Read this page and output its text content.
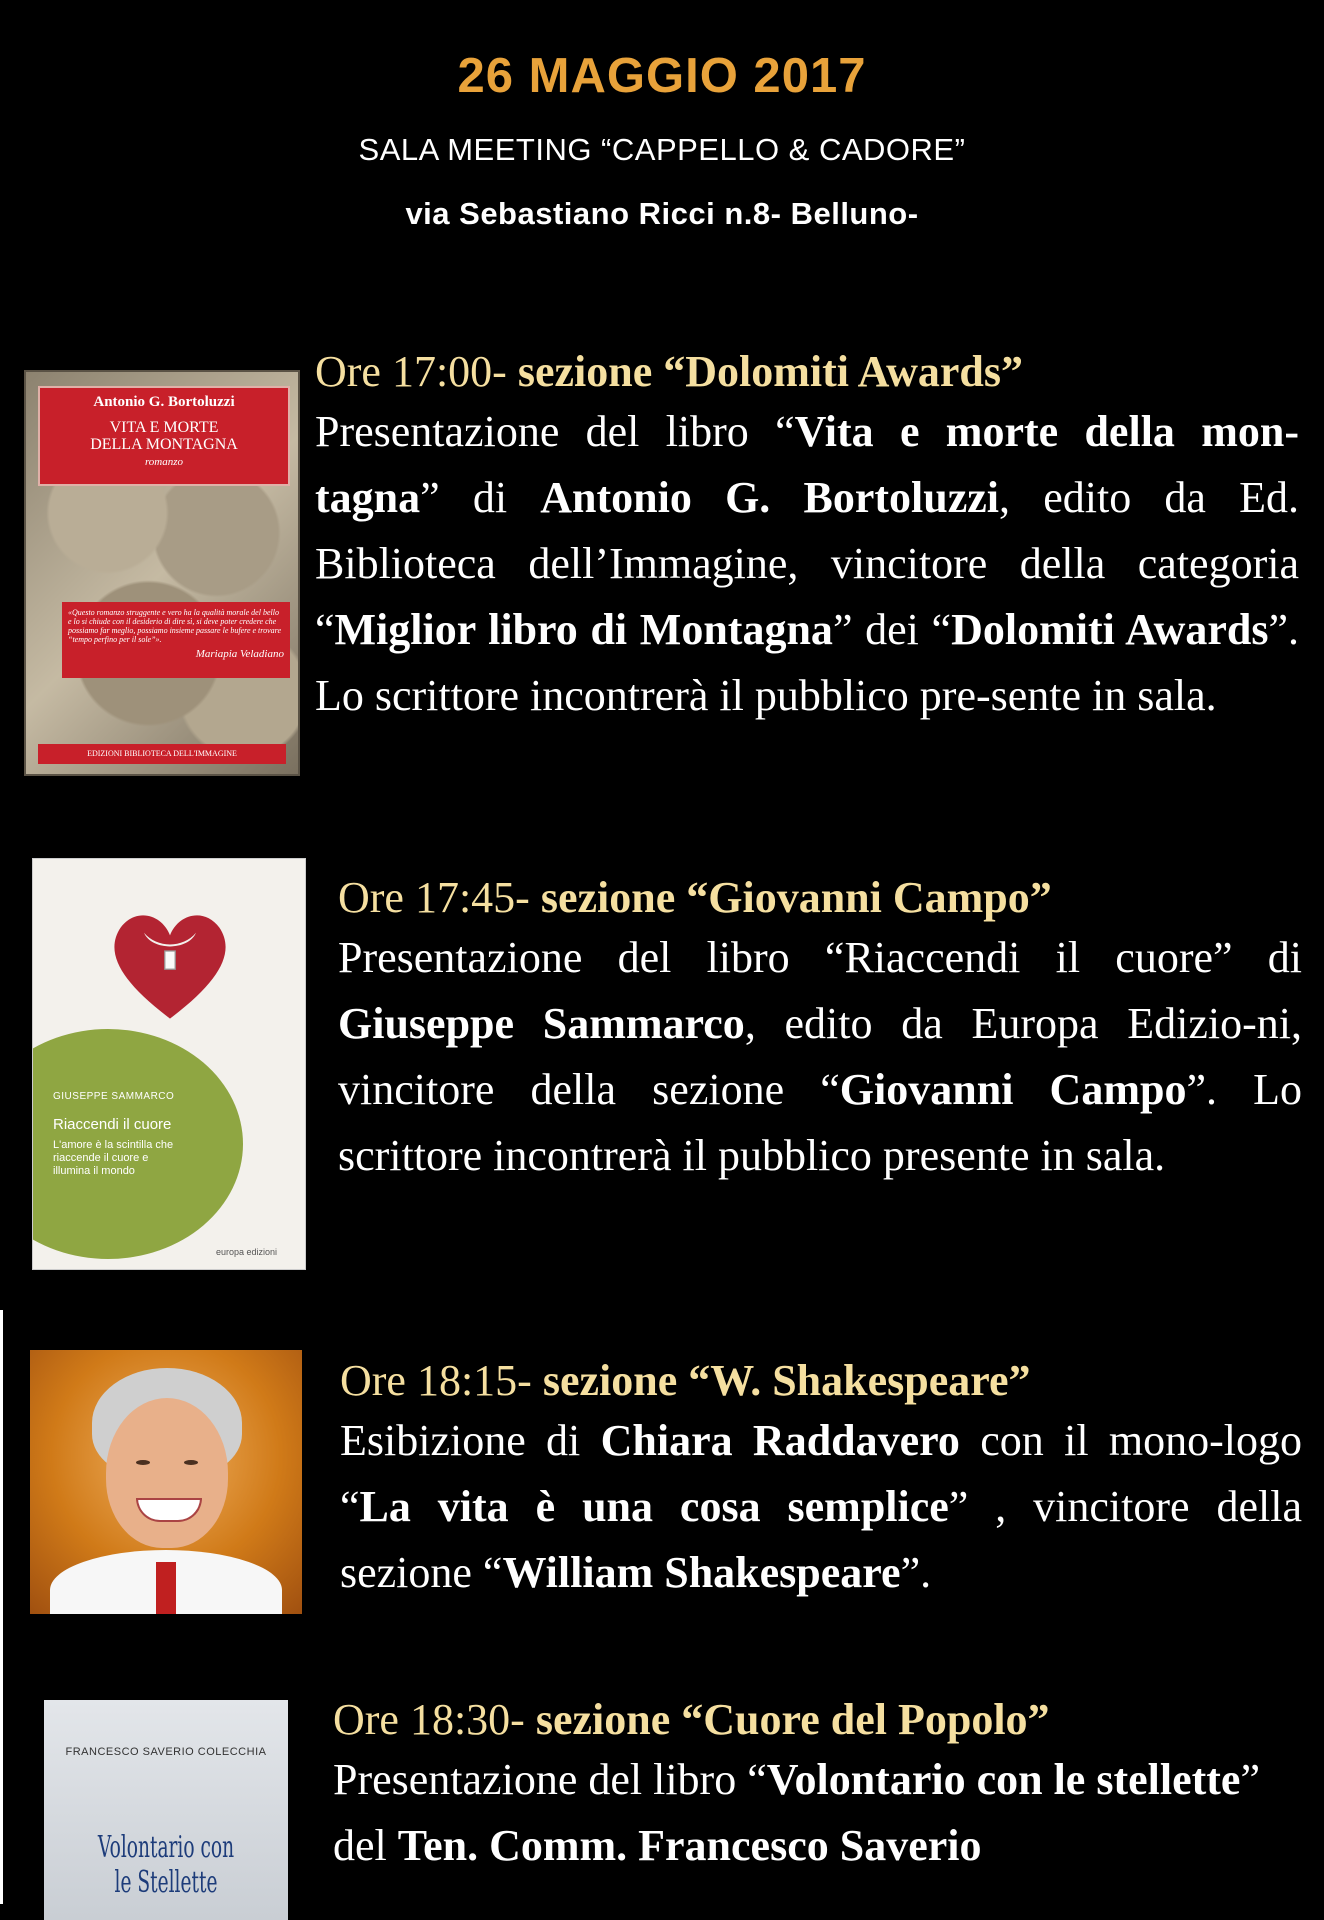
26 MAGGIO 2017
SALA MEETING “CAPPELLO & CADORE”
via Sebastiano Ricci n.8- Belluno-
Antonio G. Bortoluzzi
VITA E MORTE
DELLA MONTAGNA
romanzo
«Questo romanzo struggente e vero ha la qualità morale del bello e lo si chiude con il desiderio di dire sì, si deve poter credere che possiamo far meglio, possiamo insieme passare le bufere e trovare “tempo perfino per il sole”».
Mariapia Veladiano
EDIZIONI BIBLIOTECA DELL'IMMAGINE
Ore 17:00- sezione “Dolomiti Awards”
Presentazione del libro “Vita e morte della mon-tagna” di Antonio G. Bortoluzzi, edito da Ed. Biblioteca dell’Immagine, vincitore della categoria “Miglior libro di Montagna” dei “Dolomiti Awards”. Lo scrittore incontrerà il pubblico pre-sente in sala.
GIUSEPPE SAMMARCO
Riaccendi il cuore
L'amore è la scintilla che riaccende il cuore e illumina il mondo
europa edizioni
Ore 17:45- sezione “Giovanni Campo”
Presentazione del libro “Riaccendi il cuore” di Giuseppe Sammarco, edito da Europa Edizio-ni, vincitore della sezione “Giovanni Campo”. Lo scrittore incontrerà il pubblico presente in sala.
Ore 18:15- sezione “W. Shakespeare”
Esibizione di Chiara Raddavero con il mono-logo “La vita è una cosa semplice” , vincitore della sezione “William Shakespeare”.
FRANCESCO SAVERIO COLECCHIA
Volontario con le Stellette
Ore 18:30- sezione “Cuore del Popolo”
Presentazione del libro “Volontario con le stellette” del Ten. Comm. Francesco Saverio
